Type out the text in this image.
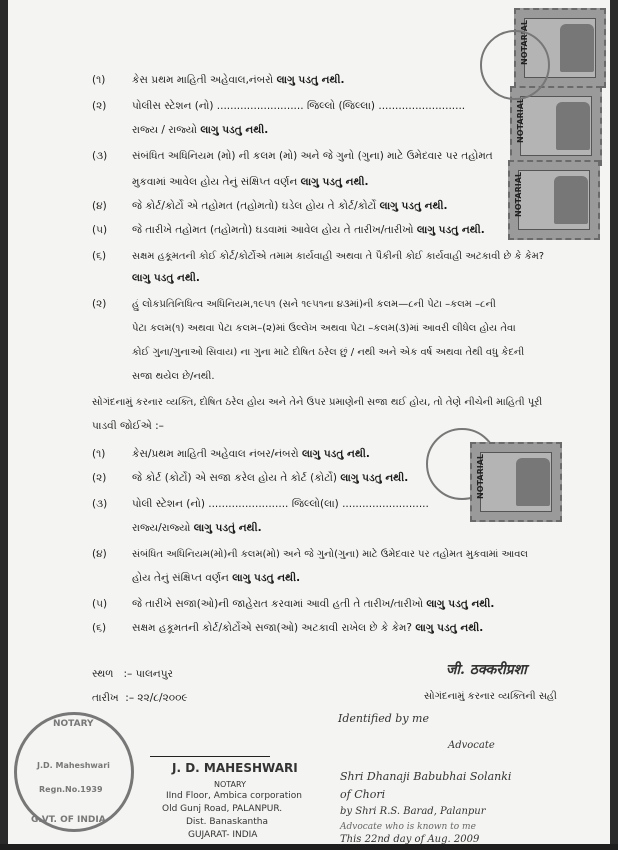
NOTARIAL
NOTARIAL
NOTARIAL
(૧)	કેસ પ્રથમ માહિતી અહેવાલ,નંબરો લાગુ પડતુ નથી.
(૨) પોલીસ સ્ટેશન (નો) .......................... જિલ્લો (જિલ્લા) ..........................
રાજ્ય / રાજ્યો લાગુ પડતુ નથી.
(૩) સંબંધિત અધિનિયમ (મો) ની કલમ (મો) અને જે ગુનો (ગુના) માટે ઉમેદવાર પર તહોમત
મુકવામાં આવેલ હોય તેનું સંક્ષિપ્ત વર્ણન લાગુ પડતુ નથી.
(૪) જે કોર્ટ/કોર્ટો એ તહોમત (તહોમતો) ઘડેલ હોય તે કોર્ટ/કોર્ટો લાગુ પડતુ નથી.
(૫) જે તારીખે તહોમત (તહોમતો) ઘડવામાં આવેલ હોય તે તારીખ/તારીખો લાગુ પડતુ નથી.
(૬)	સક્ષમ હકૂમતની કોઈ કોર્ટ/કોર્ટોએ તમામ કાર્યવાહી અથવા તે પૈકીની કોઈ કાર્યવાહી અટકાવી છે કે કેમ?
લાગુ પડતુ નથી.
(૨)	હું લોકપ્રતિનિધિત્વ અધિનિયમ,૧૯૫૧ (સને ૧૯૫૧ના ૪૩માં)ની કલમ—૮ની પેટા –કલમ –૮ની
પેટા કલમ(૧) અથવા પેટા કલમ–(૨)માં ઉલ્લેખ અથવા પેટા –કલમ(૩)માં આવરી લીધેલ હોય તેવા
કોઈ ગુના/ગુનાઓ સિવાય) ના ગુના માટે દોષિત ઠરેલ છું / નથી અને એક વર્ષ અથવા તેથી વધુ કેદની
સજા થયેલ છે/નથી.
સોગંદનામું કરનાર વ્યક્તિ, દોષિત ઠરેલ હોય અને તેને ઉપર પ્રમાણેની સજા થઈ હોય, તો તેણે નીચેની માહિતી પૂરી
પાડવી જોઈએ :–
NOTARIAL
(૧)	કેસ/પ્રથમ માહિતી અહેવાલ નંબર/નંબરો લાગુ પડતુ નથી.
(૨) જે કોર્ટ (કોર્ટો) એ સજા કરેલ હોય તે કોર્ટ (કોર્ટો) લાગુ પડતુ નથી.
(૩) પોલી સ્ટેશન (નો) ........................ જિલ્લો(લા) ..........................
રાજ્ય/રાજ્યો લાગુ પડતું નથી.
(૪)	સંબંધિત અધિનિયમ(મો)ની કલમ(મો) અને જે ગુનો(ગુના) માટે ઉમેદવાર પર તહોમત મુકવામાં આવલ
હોય તેનું સંક્ષિપ્ત વર્ણન લાગુ પડતુ નથી.
(૫) જે તારીખે સજા(ઓ)ની જાહેરાત કરવામાં આવી હતી તે તારીખ/તારીખો લાગુ પડતુ નથી.
(૬) સક્ષમ હકૂમતની કોર્ટ/કોર્ટોએ સજા(ઓ) અટકાવી રાખેલ છે કે કેમ? લાગુ પડતુ નથી.
સ્થળ :– પાલનપુર
તારીખ :– ૨૨/૮/૨૦૦૯
जी. ठक्करीप्रशा
સોગંદનામું કરનાર વ્યક્તિની સહી
Identified by me
Advocate
NOTARY
G.VT. OF INDIA
J.D. Maheshwari
Regn.No.1939
J. D. MAHESHWARI
NOTARY
IInd Floor, Ambica corporation
Old Gunj Road, PALANPUR.
Dist. Banaskantha
GUJARAT- INDIA
Shri Dhanaji Babubhai Solanki
of Chori
by Shri R.S. Barad, Palanpur
Advocate who is known to me
This 22nd day of Aug. 2009
